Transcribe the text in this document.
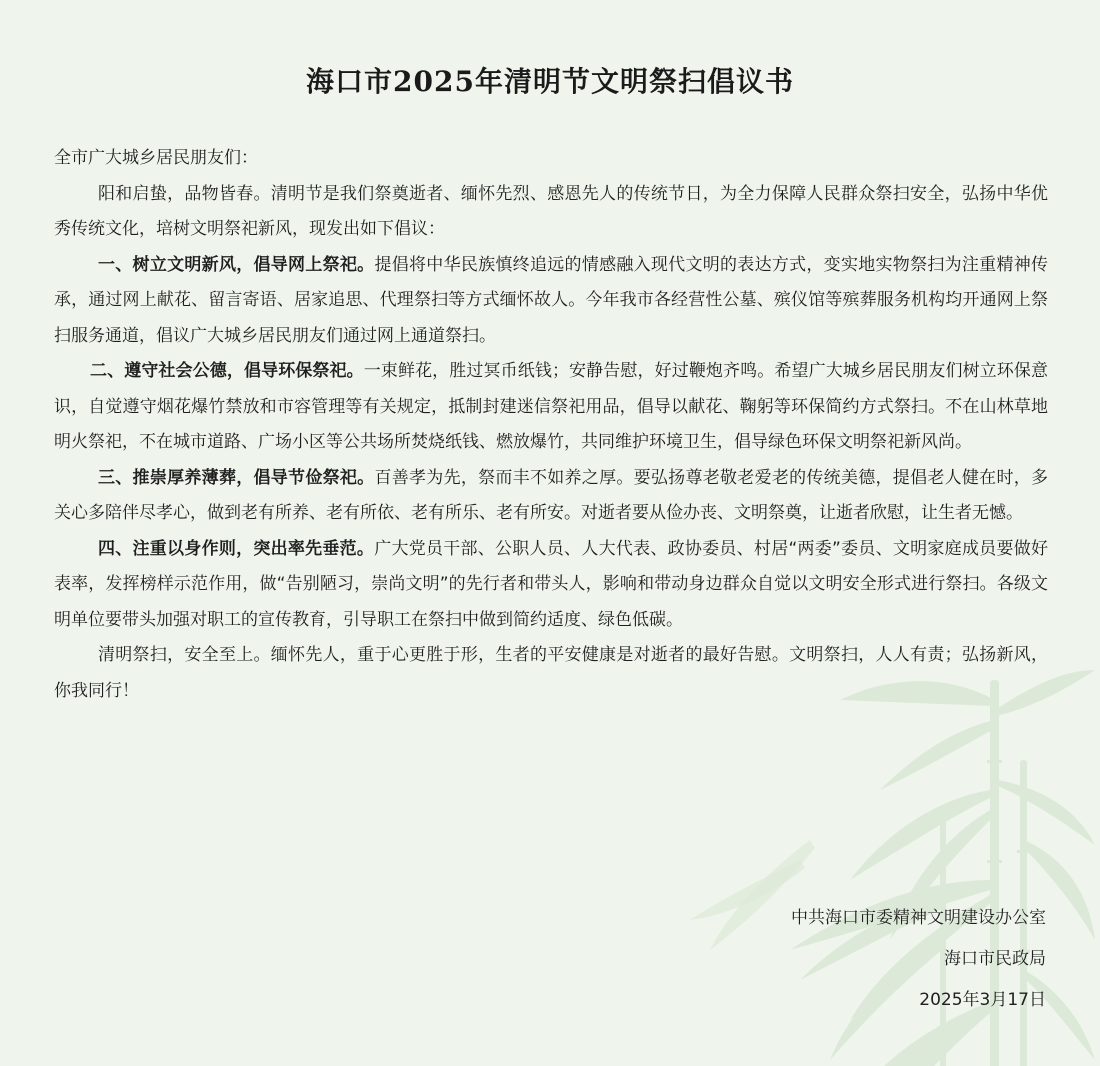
海口市2025年清明节文明祭扫倡议书

全市广大城乡居民朋友们：

阳和启蛰，品物皆春。清明节是我们祭奠逝者、缅怀先烈、感恩先人的传统节日，为全力保障人民群众祭扫安全，弘扬中华优秀传统文化，培树文明祭祀新风，现发出如下倡议：

一、树立文明新风，倡导网上祭祀。提倡将中华民族慎终追远的情感融入现代文明的表达方式，变实地实物祭扫为注重精神传承，通过网上献花、留言寄语、居家追思、代理祭扫等方式缅怀故人。今年我市各经营性公墓、殡仪馆等殡葬服务机构均开通网上祭扫服务通道，倡议广大城乡居民朋友们通过网上通道祭扫。

二、遵守社会公德，倡导环保祭祀。一束鲜花，胜过冥币纸钱；安静告慰，好过鞭炮齐鸣。希望广大城乡居民朋友们树立环保意识，自觉遵守烟花爆竹禁放和市容管理等有关规定，抵制封建迷信祭祀用品，倡导以献花、鞠躬等环保简约方式祭扫。不在山林草地明火祭祀，不在城市道路、广场小区等公共场所焚烧纸钱、燃放爆竹，共同维护环境卫生，倡导绿色环保文明祭祀新风尚。

三、推崇厚养薄葬，倡导节俭祭祀。百善孝为先，祭而丰不如养之厚。要弘扬尊老敬老爱老的传统美德，提倡老人健在时，多关心多陪伴尽孝心，做到老有所养、老有所依、老有所乐、老有所安。对逝者要从俭办丧、文明祭奠，让逝者欣慰，让生者无憾。

四、注重以身作则，突出率先垂范。广大党员干部、公职人员、人大代表、政协委员、村居“两委”委员、文明家庭成员要做好表率，发挥榜样示范作用，做“告别陋习，崇尚文明”的先行者和带头人，影响和带动身边群众自觉以文明安全形式进行祭扫。各级文明单位要带头加强对职工的宣传教育，引导职工在祭扫中做到简约适度、绿色低碳。

清明祭扫，安全至上。缅怀先人，重于心更胜于形，生者的平安健康是对逝者的最好告慰。文明祭扫，人人有责；弘扬新风，你我同行！

中共海口市委精神文明建设办公室
海口市民政局
2025年3月17日
